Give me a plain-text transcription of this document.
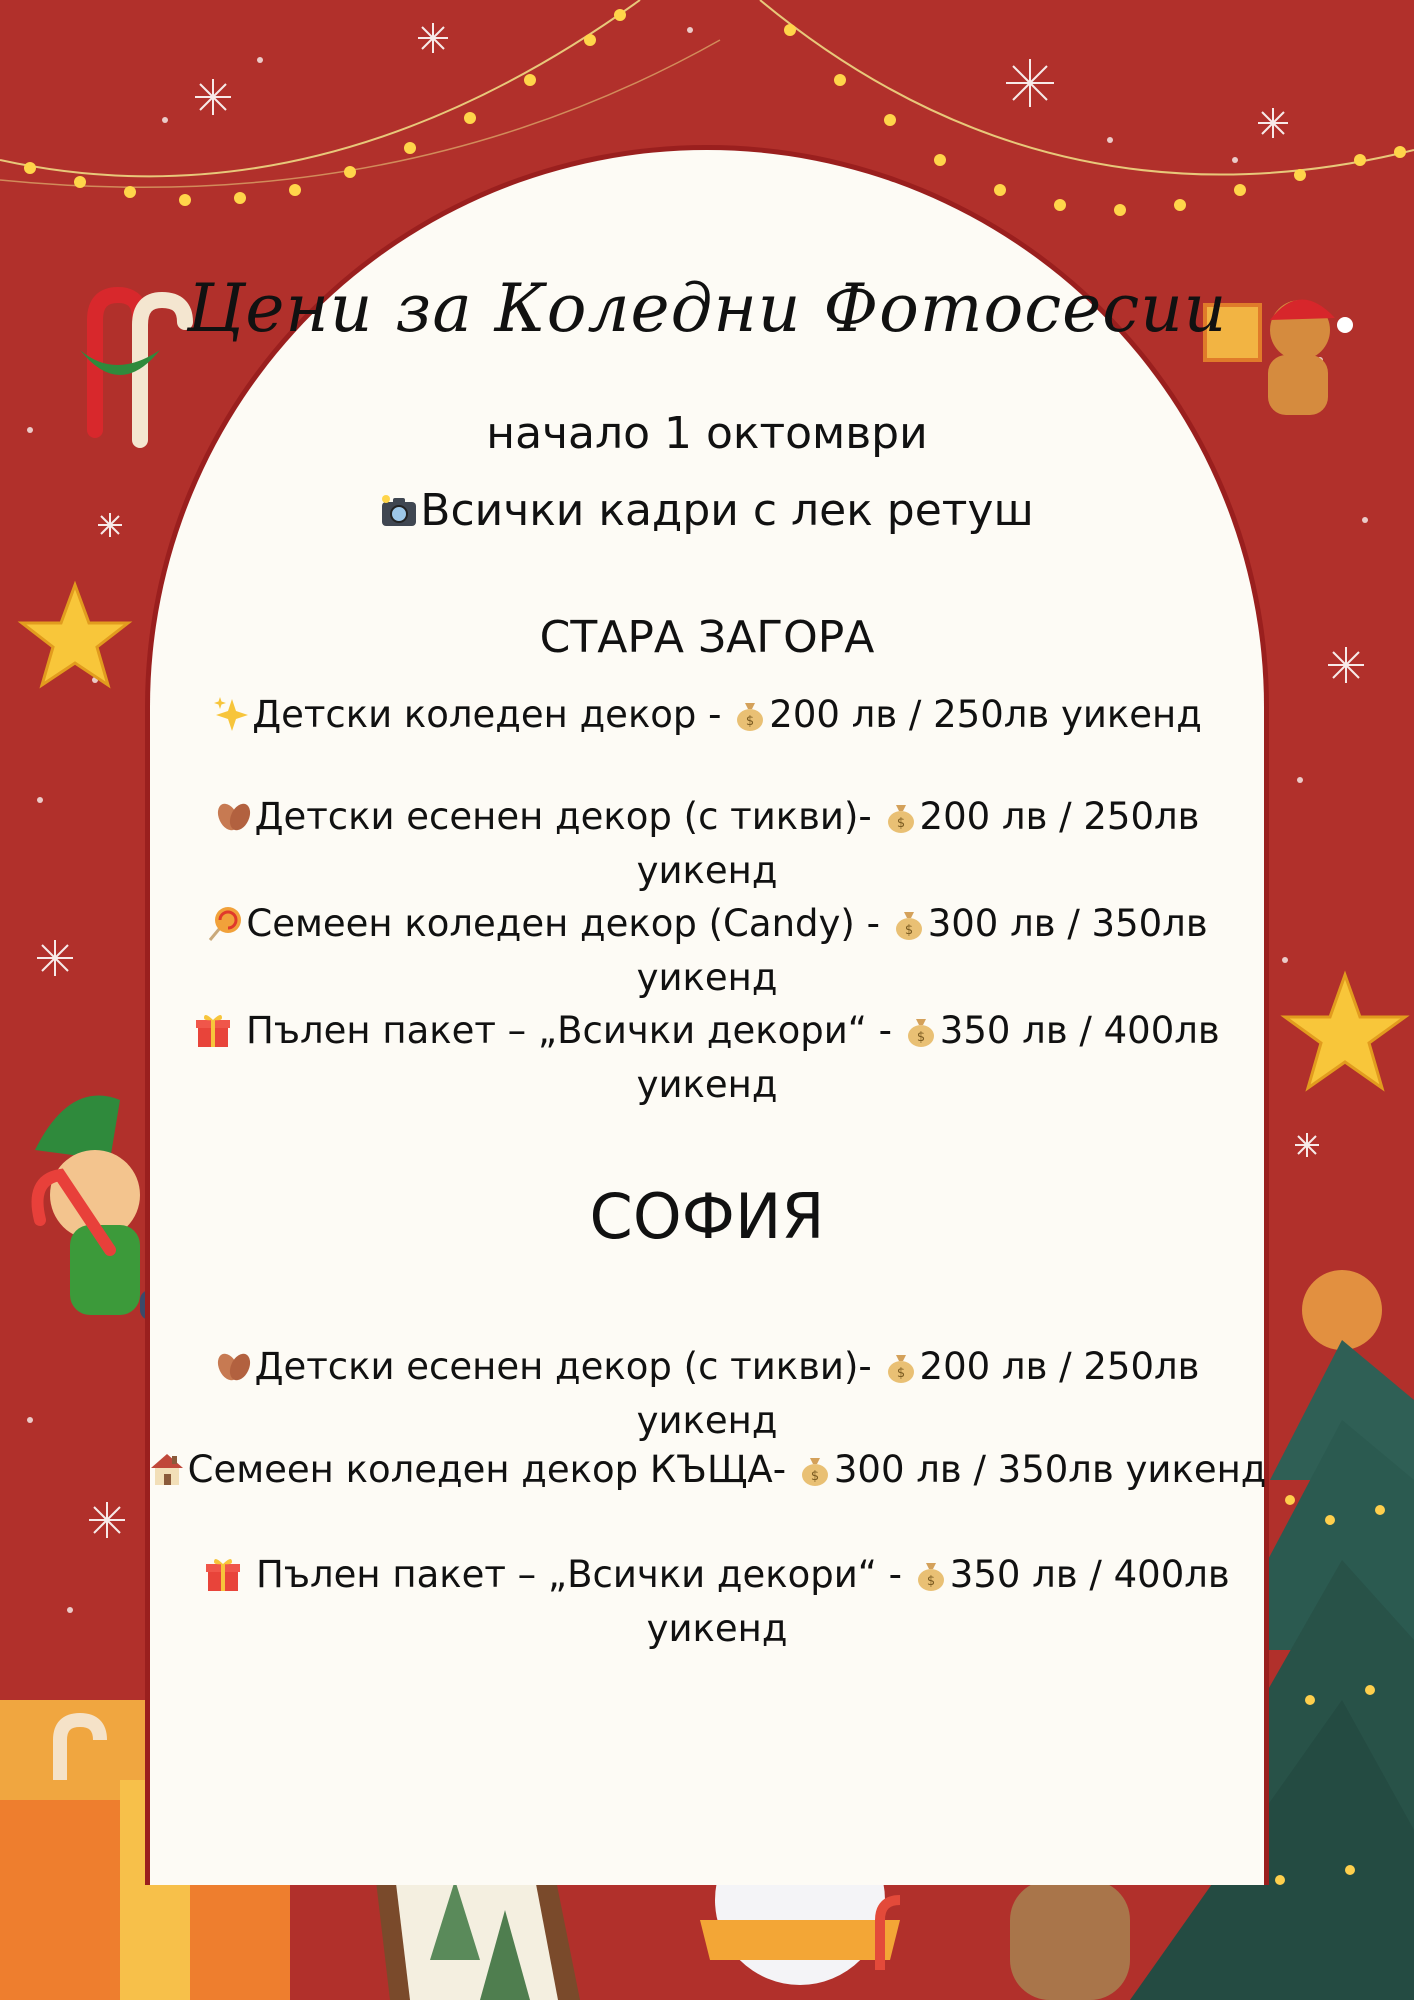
Цени за Коледни Фотосесии
начало 1 октомври
Всички кадри с лек ретуш
СТАРА ЗАГОРА
Детски коледен декор - $ 200 лв / 250лв уикенд
Детски есенен декор (с тикви)- $ 200 лв / 250лв
уикенд
Семеен коледен декор (Candy) - $ 300 лв / 350лв
уикенд
Пълен пакет – „Всички декори“ - $ 350 лв / 400лв
уикенд
СОФИЯ
Детски есенен декор (с тикви)- $ 200 лв / 250лв уикенд
Семеен коледен декор КЪЩА- $ 300 лв / 350лв уикенд
Пълен пакет – „Всички декори“ - $ 350 лв / 400лв
уикенд
